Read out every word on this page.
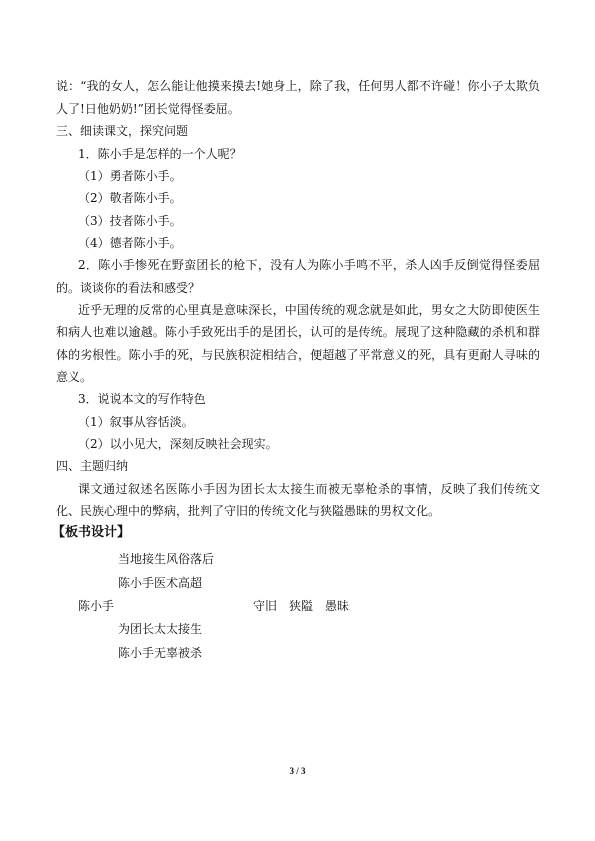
说：“我的女人，怎么能让他摸来摸去!她身上，除了我，任何男人都不许碰！你小子太欺负
人了!日他奶奶!”团长觉得怪委屈。
三、细读课文，探究问题
1．陈小手是怎样的一个人呢？
（1）勇者陈小手。
（2）敬者陈小手。
（3）技者陈小手。
（4）德者陈小手。
2．陈小手惨死在野蛮团长的枪下，没有人为陈小手鸣不平，杀人凶手反倒觉得怪委屈
的。谈谈你的看法和感受？
近乎无理的反常的心里真是意味深长，中国传统的观念就是如此，男女之大防即使医生
和病人也难以逾越。陈小手致死出手的是团长，认可的是传统。展现了这种隐藏的杀机和群
体的劣根性。陈小手的死，与民族积淀相结合，便超越了平常意义的死，具有更耐人寻味的
意义。
3．说说本文的写作特色
（1）叙事从容恬淡。
（2）以小见大，深刻反映社会现实。
四、主题归纳
课文通过叙述名医陈小手因为团长太太接生而被无辜枪杀的事情，反映了我们传统文
化、民族心理中的弊病，批判了守旧的传统文化与狭隘愚昧的男权文化。
【板书设计】
当地接生风俗落后
陈小手医术高超
陈小手	守旧　狭隘　愚昧
为团长太太接生
陈小手无辜被杀
3 / 3
